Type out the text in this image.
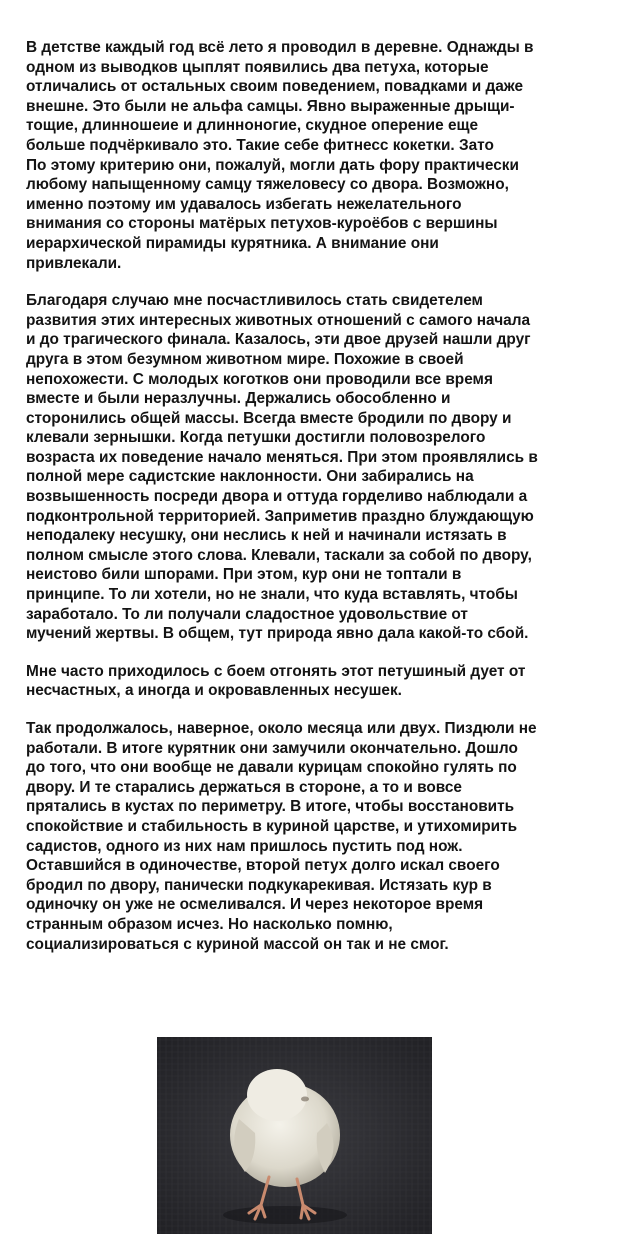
В детстве каждый год всё лето я проводил в деревне. Однажды в
одном из выводков цыплят появились два петуха, которые
отличались от остальных своим поведением, повадками и даже
внешне. Это были не альфа самцы. Явно выраженные дрыщи-
тощие, длинношеие и длинноногие, скудное оперение еще
больше подчёркивало это. Такие себе фитнесс кокетки. Зато
По этому критерию они, пожалуй, могли дать фору практически
любому напыщенному самцу тяжеловесу со двора. Возможно,
именно поэтому им удавалось избегать нежелательного
внимания со стороны матёрых петухов-куроёбов с вершины
иерархической пирамиды курятника. А внимание они
привлекали.
Благодаря случаю мне посчастливилось стать свидетелем
развития этих интересных животных отношений с самого начала
и до трагического финала. Казалось, эти двое друзей нашли друг
друга в этом безумном животном мире. Похожие в своей
непохожести. С молодых коготков они проводили все время
вместе и были неразлучны. Держались обособленно и
сторонились общей массы. Всегда вместе бродили по двору и
клевали зернышки. Когда петушки достигли половозрелого
возраста их поведение начало меняться. При этом проявлялись в
полной мере садистские наклонности. Они забирались на
возвышенность посреди двора и оттуда горделиво наблюдали а
подконтрольной территорией. Заприметив праздно блуждающую
неподалеку несушку, они неслись к ней и начинали истязать в
полном смысле этого слова. Клевали, таскали за собой по двору,
неистово били шпорами. При этом, кур они не топтали в
принципе. То ли хотели, но не знали, что куда вставлять, чтобы
заработало. То ли получали сладостное удовольствие от
мучений жертвы. В общем, тут природа явно дала какой-то сбой.
Мне часто приходилось с боем отгонять этот петушиный дует от
несчастных, а иногда и окровавленных несушек.
Так продолжалось, наверное, около месяца или двух. Пиздюли не
работали. В итоге курятник они замучили окончательно. Дошло
до того, что они вообще не давали курицам спокойно гулять по
двору. И те старались держаться в стороне, а то и вовсе
прятались в кустах по периметру. В итоге, чтобы восстановить
спокойствие и стабильность в куриной царстве, и утихомирить
садистов, одного из них нам пришлось пустить под нож.
Оставшийся в одиночестве, второй петух долго искал своего
бродил по двору, панически подкукарекивая. Истязать кур в
одиночку он уже не осмеливался. И через некоторое время
странным образом исчез. Но насколько помню,
социализироваться с куриной массой он так и не смог.
